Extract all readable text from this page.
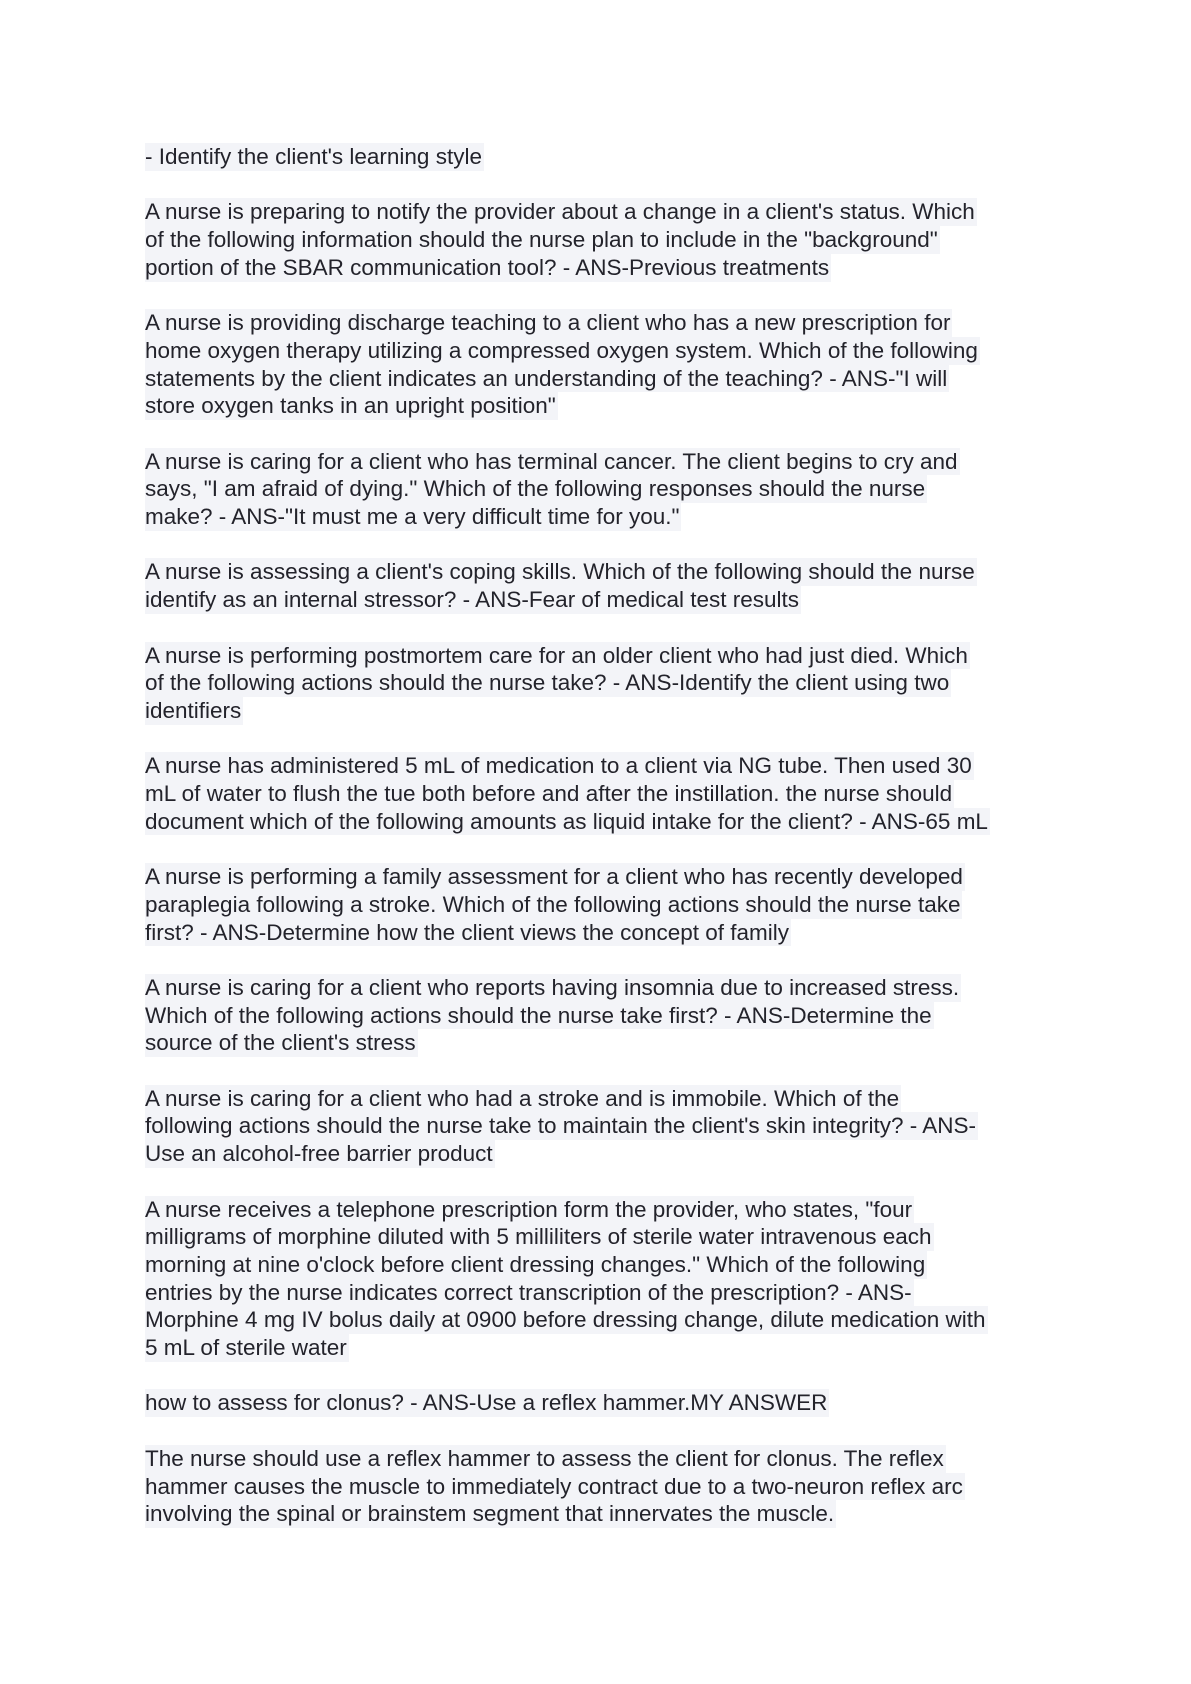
- Identify the client's learning style
A nurse is preparing to notify the provider about a change in a client's status. Which
of the following information should the nurse plan to include in the "background"
portion of the SBAR communication tool? - ANS-Previous treatments
A nurse is providing discharge teaching to a client who has a new prescription for
home oxygen therapy utilizing a compressed oxygen system. Which of the following
statements by the client indicates an understanding of the teaching? - ANS-"I will
store oxygen tanks in an upright position"
A nurse is caring for a client who has terminal cancer. The client begins to cry and
says, "I am afraid of dying." Which of the following responses should the nurse
make? - ANS-"It must me a very difficult time for you."
A nurse is assessing a client's coping skills. Which of the following should the nurse
identify as an internal stressor? - ANS-Fear of medical test results
A nurse is performing postmortem care for an older client who had just died. Which
of the following actions should the nurse take? - ANS-Identify the client using two
identifiers
A nurse has administered 5 mL of medication to a client via NG tube. Then used 30
mL of water to flush the tue both before and after the instillation. the nurse should
document which of the following amounts as liquid intake for the client? - ANS-65 mL
A nurse is performing a family assessment for a client who has recently developed
paraplegia following a stroke. Which of the following actions should the nurse take
first? - ANS-Determine how the client views the concept of family
A nurse is caring for a client who reports having insomnia due to increased stress.
Which of the following actions should the nurse take first? - ANS-Determine the
source of the client's stress
A nurse is caring for a client who had a stroke and is immobile. Which of the
following actions should the nurse take to maintain the client's skin integrity? - ANS-
Use an alcohol-free barrier product
A nurse receives a telephone prescription form the provider, who states, "four
milligrams of morphine diluted with 5 milliliters of sterile water intravenous each
morning at nine o'clock before client dressing changes." Which of the following
entries by the nurse indicates correct transcription of the prescription? - ANS-
Morphine 4 mg IV bolus daily at 0900 before dressing change, dilute medication with
5 mL of sterile water
how to assess for clonus? - ANS-Use a reflex hammer.MY ANSWER
The nurse should use a reflex hammer to assess the client for clonus. The reflex
hammer causes the muscle to immediately contract due to a two-neuron reflex arc
involving the spinal or brainstem segment that innervates the muscle.
